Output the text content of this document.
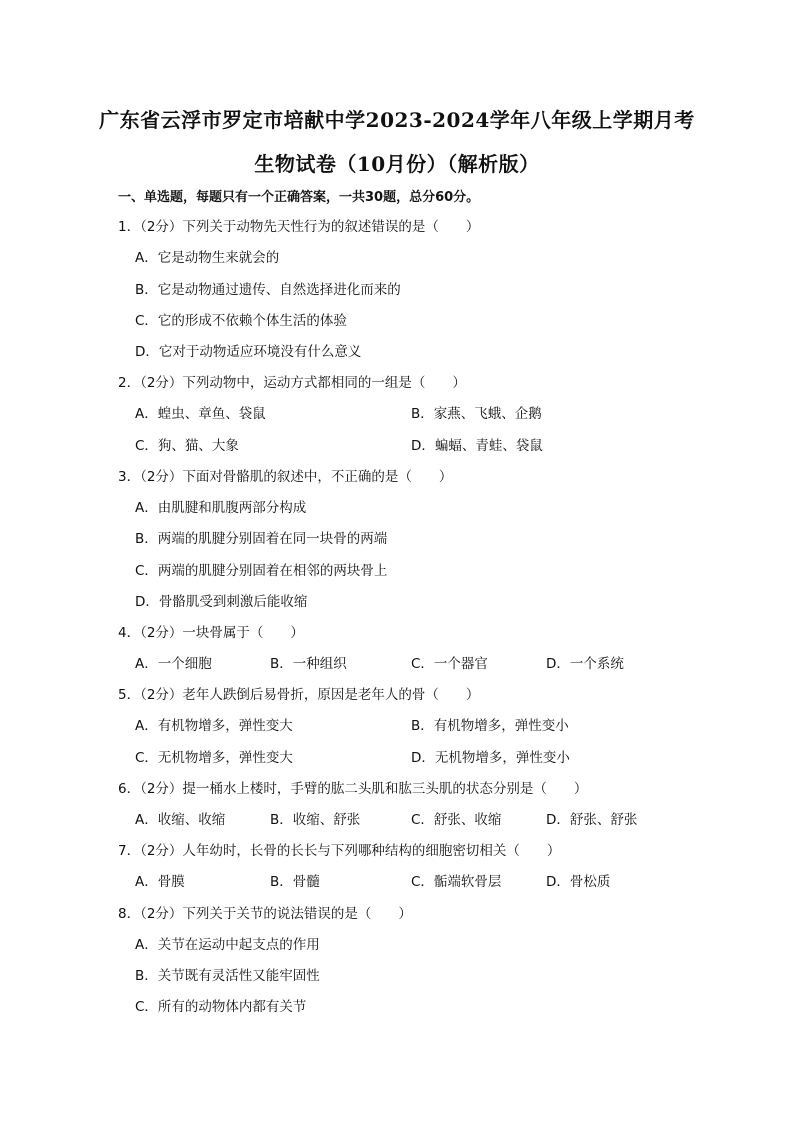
广东省云浮市罗定市培献中学2023-2024学年八年级上学期月考
生物试卷（10月份）（解析版）
一、单选题，每题只有一个正确答案，一共30题，总分60分。
1．（2分）下列关于动物先天性行为的叙述错误的是（　　）
A．它是动物生来就会的
B．它是动物通过遗传、自然选择进化而来的
C．它的形成不依赖个体生活的体验
D．它对于动物适应环境没有什么意义
2．（2分）下列动物中，运动方式都相同的一组是（　　）
A．蝗虫、章鱼、袋鼠	B．家燕、飞蛾、企鹅
C．狗、猫、大象	D．蝙蝠、青蛙、袋鼠
3．（2分）下面对骨骼肌的叙述中，不正确的是（　　）
A．由肌腱和肌腹两部分构成
B．两端的肌腱分别固着在同一块骨的两端
C．两端的肌腱分别固着在相邻的两块骨上
D．骨骼肌受到刺激后能收缩
4．（2分）一块骨属于（　　）
A．一个细胞	B．一种组织	C．一个器官	D．一个系统
5．（2分）老年人跌倒后易骨折，原因是老年人的骨（　　）
A．有机物增多，弹性变大	B．有机物增多，弹性变小
C．无机物增多，弹性变大	D．无机物增多，弹性变小
6．（2分）提一桶水上楼时，手臂的肱二头肌和肱三头肌的状态分别是（　　）
A．收缩、收缩	B．收缩、舒张	C．舒张、收缩	D．舒张、舒张
7．（2分）人年幼时，长骨的长长与下列哪种结构的细胞密切相关（　　）
A．骨膜	B．骨髓	C．骺端软骨层	D．骨松质
8．（2分）下列关于关节的说法错误的是（　　）
A．关节在运动中起支点的作用
B．关节既有灵活性又能牢固性
C．所有的动物体内都有关节
